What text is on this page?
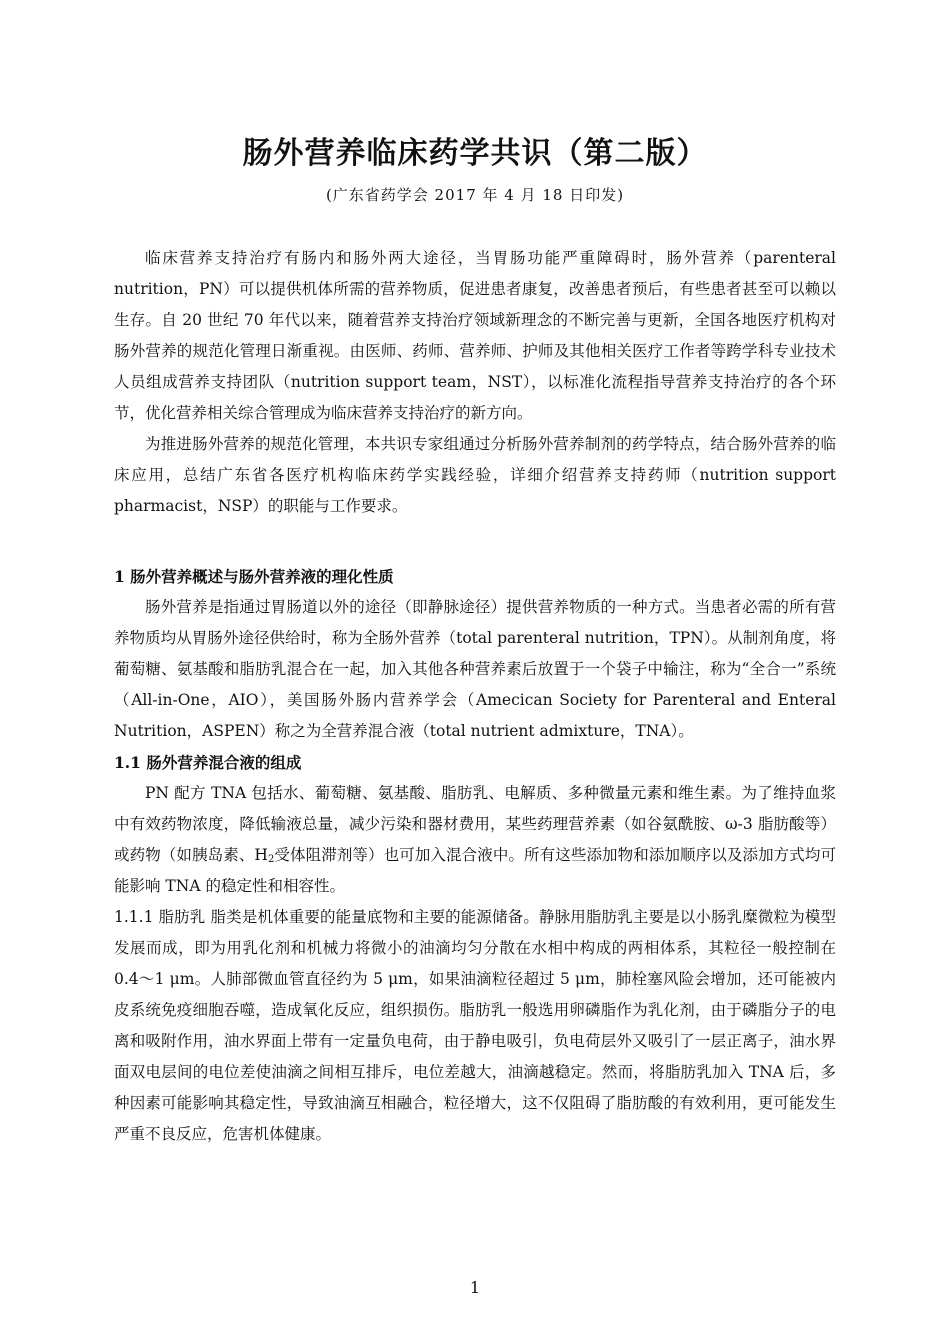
肠外营养临床药学共识（第二版）
(广东省药学会 2017 年 4 月 18 日印发)

临床营养支持治疗有肠内和肠外两大途径，当胃肠功能严重障碍时，肠外营养（parenteral nutrition，PN）可以提供机体所需的营养物质，促进患者康复，改善患者预后，有些患者甚至可以赖以生存。自 20 世纪 70 年代以来，随着营养支持治疗领域新理念的不断完善与更新，全国各地医疗机构对肠外营养的规范化管理日渐重视。由医师、药师、营养师、护师及其他相关医疗工作者等跨学科专业技术人员组成营养支持团队（nutrition support team，NST），以标准化流程指导营养支持治疗的各个环节，优化营养相关综合管理成为临床营养支持治疗的新方向。

为推进肠外营养的规范化管理，本共识专家组通过分析肠外营养制剂的药学特点，结合肠外营养的临床应用，总结广东省各医疗机构临床药学实践经验，详细介绍营养支持药师（nutrition support pharmacist，NSP）的职能与工作要求。

1 肠外营养概述与肠外营养液的理化性质

肠外营养是指通过胃肠道以外的途径（即静脉途径）提供营养物质的一种方式。当患者必需的所有营养物质均从胃肠外途径供给时，称为全肠外营养（total parenteral nutrition，TPN）。从制剂角度，将葡萄糖、氨基酸和脂肪乳混合在一起，加入其他各种营养素后放置于一个袋子中输注，称为“全合一”系统（All-in-One，AIO），美国肠外肠内营养学会（Amecican Society for Parenteral and Enteral Nutrition，ASPEN）称之为全营养混合液（total nutrient admixture，TNA）。

1.1 肠外营养混合液的组成

PN 配方 TNA 包括水、葡萄糖、氨基酸、脂肪乳、电解质、多种微量元素和维生素。为了维持血浆中有效药物浓度，降低输液总量，减少污染和器材费用，某些药理营养素（如谷氨酰胺、ω-3 脂肪酸等）或药物（如胰岛素、$H_2$受体阻滞剂等）也可加入混合液中。所有这些添加物和添加顺序以及添加方式均可能影响 TNA 的稳定性和相容性。

1.1.1 脂肪乳 脂类是机体重要的能量底物和主要的能源储备。静脉用脂肪乳主要是以小肠乳糜微粒为模型发展而成，即为用乳化剂和机械力将微小的油滴均匀分散在水相中构成的两相体系，其粒径一般控制在 0.4～1 μm。人肺部微血管直径约为 5 μm，如果油滴粒径超过 5 μm，肺栓塞风险会增加，还可能被内皮系统免疫细胞吞噬，造成氧化反应，组织损伤。脂肪乳一般选用卵磷脂作为乳化剂，由于磷脂分子的电离和吸附作用，油水界面上带有一定量负电荷，由于静电吸引，负电荷层外又吸引了一层正离子，油水界面双电层间的电位差使油滴之间相互排斥，电位差越大，油滴越稳定。然而，将脂肪乳加入 TNA 后，多种因素可能影响其稳定性，导致油滴互相融合，粒径增大，这不仅阻碍了脂肪酸的有效利用，更可能发生严重不良反应，危害机体健康。

1
